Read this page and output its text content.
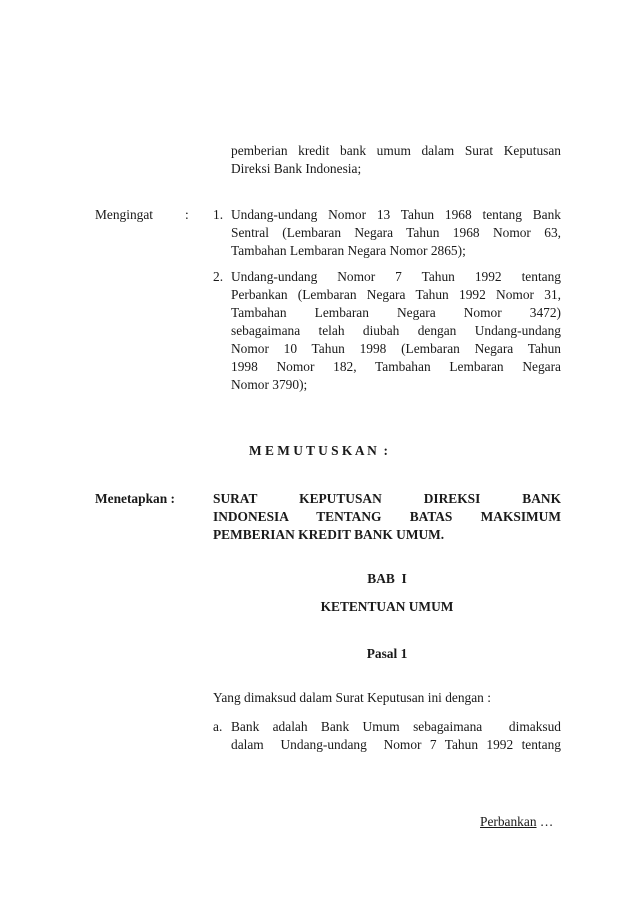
pemberian kredit bank umum dalam Surat Keputusan
Direksi Bank Indonesia;
Mengingat : 1. Undang-undang Nomor 13 Tahun 1968 tentang Bank
Sentral (Lembaran Negara Tahun 1968 Nomor 63,
Tambahan Lembaran Negara Nomor 2865);
2. Undang-undang Nomor 7 Tahun 1992 tentang
Perbankan (Lembaran Negara Tahun 1992 Nomor 31,
Tambahan Lembaran Negara Nomor 3472)
sebagaimana telah diubah dengan Undang-undang
Nomor 10 Tahun 1998 (Lembaran Negara Tahun
1998 Nomor 182, Tambahan Lembaran Negara
Nomor 3790);
M E M U T U S K A N  :
Menetapkan :	SURAT KEPUTUSAN DIREKSI BANK
INDONESIA TENTANG BATAS MAKSIMUM
PEMBERIAN KREDIT BANK UMUM.
BAB  I
KETENTUAN UMUM
Pasal 1
Yang dimaksud dalam Surat Keputusan ini dengan :
a. Bank adalah Bank Umum sebagaimana  dimaksud
dalam  Undang-undang  Nomor 7 Tahun 1992 tentang
Perbankan …
